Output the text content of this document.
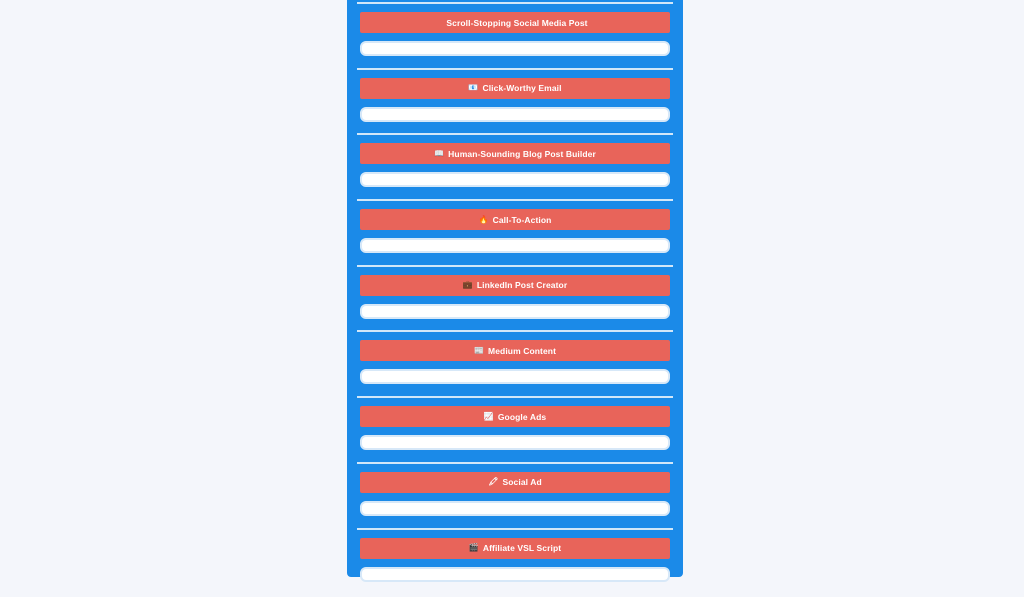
Scroll-Stopping Social Media Post
📧 Click-Worthy Email
📖 Human-Sounding Blog Post Builder
🔥 Call-To-Action
💼 LinkedIn Post Creator
📰 Medium Content
📈 Google Ads
🖍 Social Ad
🎬 Affiliate VSL Script
